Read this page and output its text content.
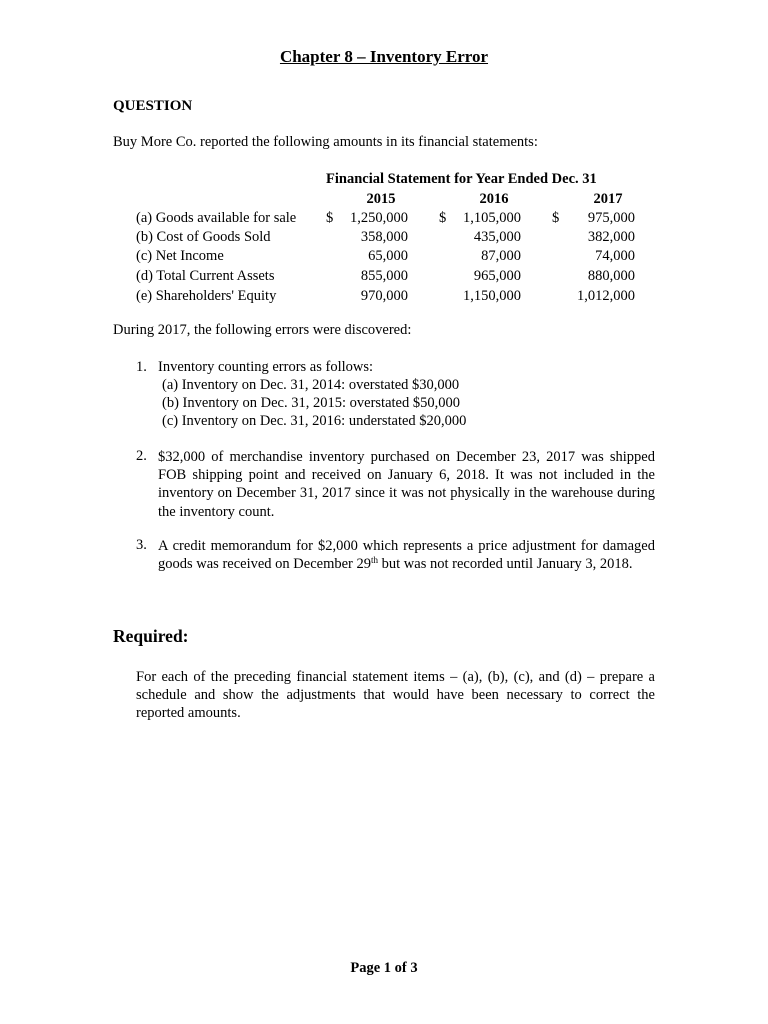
Chapter 8 – Inventory Error
QUESTION
Buy More Co. reported the following amounts in its financial statements:
Financial Statement for Year Ended Dec. 31
2015	2016	2017
(a) Goods available for sale $	1,250,000 $	1,105,000 $	975,000
(b) Cost of Goods Sold	358,000	435,000	382,000
(c) Net Income	65,000	87,000	74,000
(d) Total Current Assets	855,000	965,000	880,000
(e) Shareholders' Equity	970,000	1,150,000	1,012,000
During 2017, the following errors were discovered:
1. Inventory counting errors as follows:
(a) Inventory on Dec. 31, 2014: overstated $30,000
(b) Inventory on Dec. 31, 2015: overstated $50,000
(c) Inventory on Dec. 31, 2016: understated $20,000
2. $32,000 of merchandise inventory purchased on December 23, 2017 was shipped FOB shipping point and received on January 6, 2018. It was not included in the inventory on December 31, 2017 since it was not physically in the warehouse during the inventory count.
3. A credit memorandum for $2,000 which represents a price adjustment for damaged goods was received on December 29th but was not recorded until January 3, 2018.
Required:
For each of the preceding financial statement items – (a), (b), (c), and (d) – prepare a schedule and show the adjustments that would have been necessary to correct the reported amounts.
Page 1 of 3
